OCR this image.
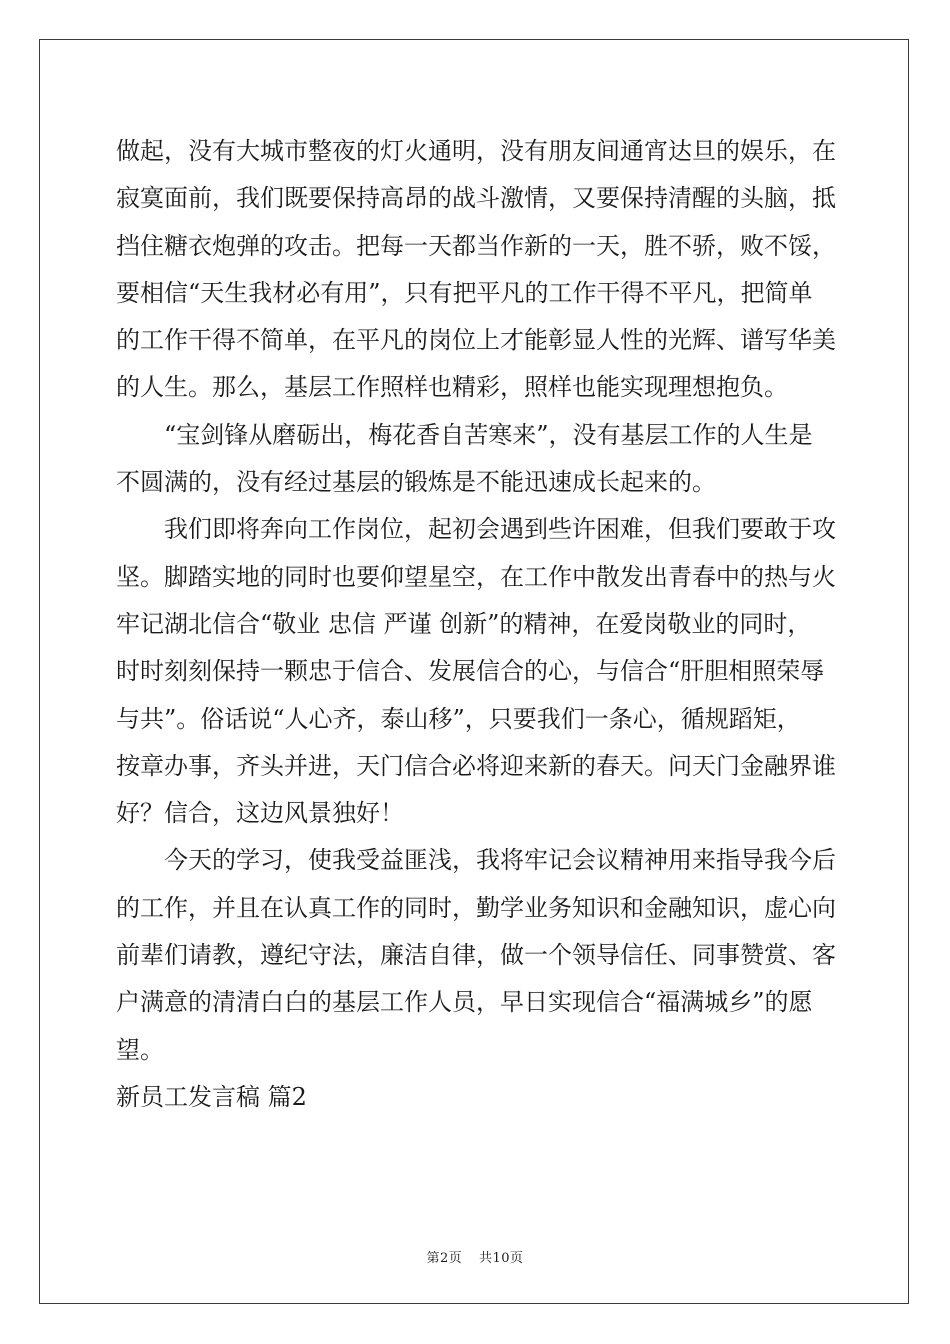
做起，没有大城市整夜的灯火通明，没有朋友间通宵达旦的娱乐，在
寂寞面前，我们既要保持高昂的战斗激情，又要保持清醒的头脑，抵
挡住糖衣炮弹的攻击。把每一天都当作新的一天，胜不骄，败不馁，
要相信“天生我材必有用”，只有把平凡的工作干得不平凡，把简单
的工作干得不简单，在平凡的岗位上才能彰显人性的光辉、谱写华美
的人生。那么，基层工作照样也精彩，照样也能实现理想抱负。
　　“宝剑锋从磨砺出，梅花香自苦寒来”，没有基层工作的人生是
不圆满的，没有经过基层的锻炼是不能迅速成长起来的。
　　我们即将奔向工作岗位，起初会遇到些许困难，但我们要敢于攻
坚。脚踏实地的同时也要仰望星空，在工作中散发出青春中的热与火
牢记湖北信合“敬业 忠信 严谨 创新”的精神，在爱岗敬业的同时，
时时刻刻保持一颗忠于信合、发展信合的心，与信合“肝胆相照荣辱
与共”。俗话说“人心齐，泰山移”，只要我们一条心，循规蹈矩，
按章办事，齐头并进，天门信合必将迎来新的春天。问天门金融界谁
好？信合，这边风景独好！
　　今天的学习，使我受益匪浅，我将牢记会议精神用来指导我今后
的工作，并且在认真工作的同时，勤学业务知识和金融知识，虚心向
前辈们请教，遵纪守法，廉洁自律，做一个领导信任、同事赞赏、客
户满意的清清白白的基层工作人员，早日实现信合“福满城乡”的愿
望。
新员工发言稿 篇2
第2页 共10页
